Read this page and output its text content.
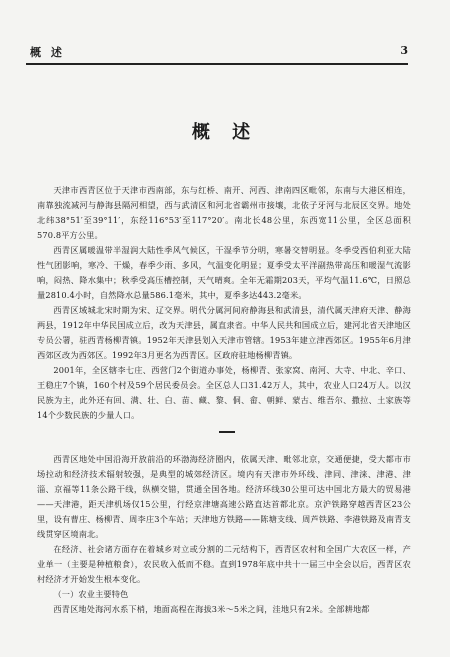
概 述	3
概 述

天津市西青区位于天津市西南部，东与红桥、南开、河西、津南四区毗邻，东南与大港区相连，南靠独流减河与静海县隔河相望，西与武清区和河北省霸州市接壤，北依子牙河与北辰区交界。地处北纬38°51′至39°11′，东经116°53′至117°20′。南北长48公里，东西宽11公里，全区总面积570.8平方公里。

西青区属暖温带半湿润大陆性季风气候区，干湿季节分明，寒暑交替明显。冬季受西伯利亚大陆性气团影响，寒冷、干燥，春季少雨、多风，气温变化明显；夏季受太平洋副热带高压和暖湿气流影响，闷热、降水集中；秋季受高压槽控制，天气晴爽。全年无霜期203天，平均气温11.6℃，日照总量2810.4小时，自然降水总量586.1毫米，其中，夏季多达443.2毫米。

西青区域城北宋时期为宋、辽交界。明代分属河间府静海县和武清县，清代属天津府天津、静海两县，1912年中华民国成立后，改为天津县，属直隶省。中华人民共和国成立后，建河北省天津地区专员公署，驻西青杨柳青镇。1952年天津县划入天津市管辖。1953年建立津西郊区。1955年6月津西郊区改为西郊区。1992年3月更名为西青区。区政府驻地杨柳青镇。

2001年，全区辖李七庄、西营门2个街道办事处，杨柳青、张家窝、南河、大寺、中北、辛口、王稳庄7个镇，160个村及59个居民委员会。全区总人口31.42万人，其中，农业人口24万人。以汉民族为主，此外还有回、满、壮、白、苗、藏、黎、侗、畲、朝鲜、蒙古、维吾尔、撒拉、土家族等14个少数民族的少量人口。

西青区地处中国沿海开放前沿的环渤海经济圈内，依属天津、毗邻北京，交通便捷，受大都市市场拉动和经济技术辐射较强，是典型的城郊经济区。境内有天津市外环线、津同、津涞、津港、津淄、京福等11条公路干线，纵横交错，贯通全国各地。经济环线30公里可达中国北方最大的贸易港——天津港，距天津机场仅15公里，行经京津塘高速公路直达首都北京。京沪铁路穿越西青区23公里，设有曹庄、杨柳青、周李庄3个车站；天津地方铁路——陈塘支线、周芦铁路、李港铁路及南青支线贯穿区境南北。

在经济、社会诸方面存在着城乡对立或分割的二元结构下，西青区农村和全国广大农区一样，产业单一（主要是种植粮食），农民收入低而不稳。直到1978年底中共十一届三中全会以后，西青区农村经济才开始发生根本变化。

（一）农业主要特色

西青区地处海河水系下梢，地面高程在海拔3米～5米之间，洼地只有2米。全部耕地都
